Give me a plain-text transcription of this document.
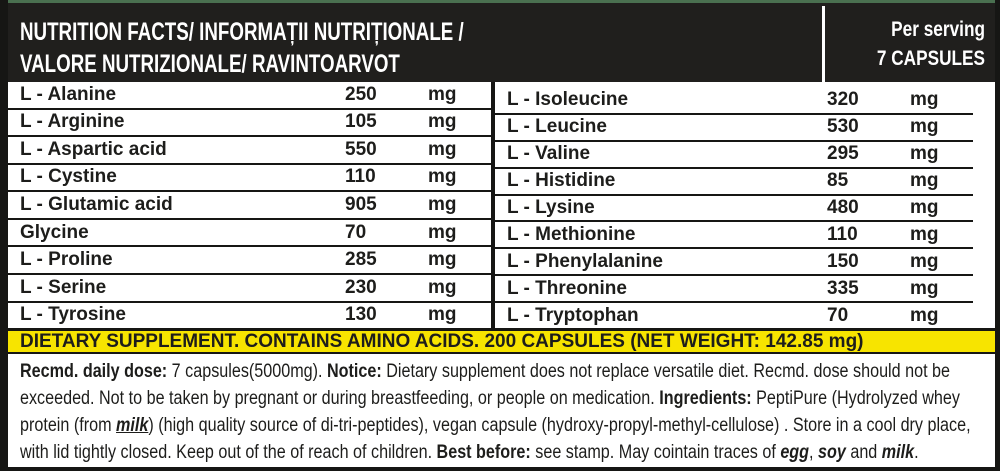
NUTRITION FACTS/ INFORMAȚII NUTRIȚIONALE /
VALORE NUTRIZIONALE/ RAVINTOARVOT
Per serving
7 CAPSULES
L - Alanine	250	mg
L - Arginine	105	mg
L - Aspartic acid	550	mg
L - Cystine	110	mg
L - Glutamic acid	905	mg
Glycine	70	mg
L - Proline	285	mg
L - Serine	230	mg
L - Tyrosine	130	mg
L - Isoleucine	320	mg
L - Leucine	530	mg
L - Valine	295	mg
L - Histidine	85	mg
L - Lysine	480	mg
L - Methionine	110	mg
L - Phenylalanine	150	mg
L - Threonine	335	mg
L - Tryptophan	70	mg
DIETARY SUPPLEMENT. CONTAINS AMINO ACIDS. 200 CAPSULES (NET WEIGHT: 142.85 mg)

Recmd. daily dose: 7 capsules(5000mg). Notice: Dietary supplement does not replace versatile diet. Recmd. dose should not be exceeded. Not to be taken by pregnant or during breastfeeding, or people on medication. Ingredients: PeptiPure (Hydrolyzed whey protein (from milk) (high quality source of di-tri-peptides), vegan capsule (hydroxy-propyl-methyl-cellulose) . Store in a cool dry place, with lid tightly closed. Keep out of the of reach of children. Best before: see stamp. May cointain traces of egg, soy and milk.
